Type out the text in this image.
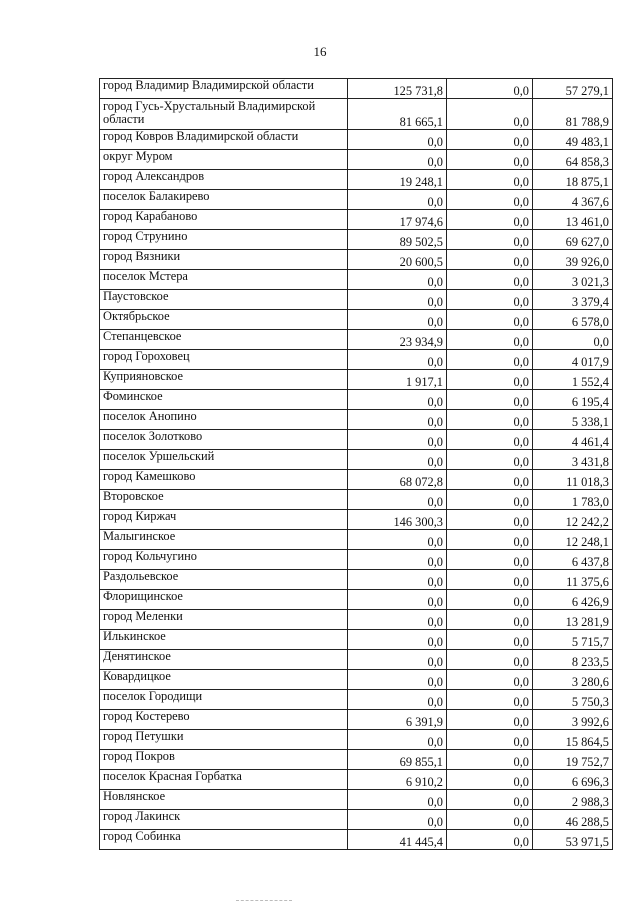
16
город Владимир Владимирской области	125 731,8	0,0	57 279,1
город Гусь-Хрустальный Владимирской области	81 665,1	0,0	81 788,9
город Ковров Владимирской области	0,0	0,0	49 483,1
округ Муром	0,0	0,0	64 858,3
город Александров	19 248,1	0,0	18 875,1
поселок Балакирево	0,0	0,0	4 367,6
город Карабаново	17 974,6	0,0	13 461,0
город Струнино	89 502,5	0,0	69 627,0
город Вязники	20 600,5	0,0	39 926,0
поселок Мстера	0,0	0,0	3 021,3
Паустовское	0,0	0,0	3 379,4
Октябрьское	0,0	0,0	6 578,0
Степанцевское	23 934,9	0,0	0,0
город Гороховец	0,0	0,0	4 017,9
Куприяновское	1 917,1	0,0	1 552,4
Фоминское	0,0	0,0	6 195,4
поселок Анопино	0,0	0,0	5 338,1
поселок Золотково	0,0	0,0	4 461,4
поселок Уршельский	0,0	0,0	3 431,8
город Камешково	68 072,8	0,0	11 018,3
Второвское	0,0	0,0	1 783,0
город Киржач	146 300,3	0,0	12 242,2
Малыгинское	0,0	0,0	12 248,1
город Кольчугино	0,0	0,0	6 437,8
Раздольевское	0,0	0,0	11 375,6
Флорищинское	0,0	0,0	6 426,9
город Меленки	0,0	0,0	13 281,9
Илькинское	0,0	0,0	5 715,7
Денятинское	0,0	0,0	8 233,5
Ковардицкое	0,0	0,0	3 280,6
поселок Городищи	0,0	0,0	5 750,3
город Костерево	6 391,9	0,0	3 992,6
город Петушки	0,0	0,0	15 864,5
город Покров	69 855,1	0,0	19 752,7
поселок Красная Горбатка	6 910,2	0,0	6 696,3
Новлянское	0,0	0,0	2 988,3
город Лакинск	0,0	0,0	46 288,5
город Собинка	41 445,4	0,0	53 971,5
